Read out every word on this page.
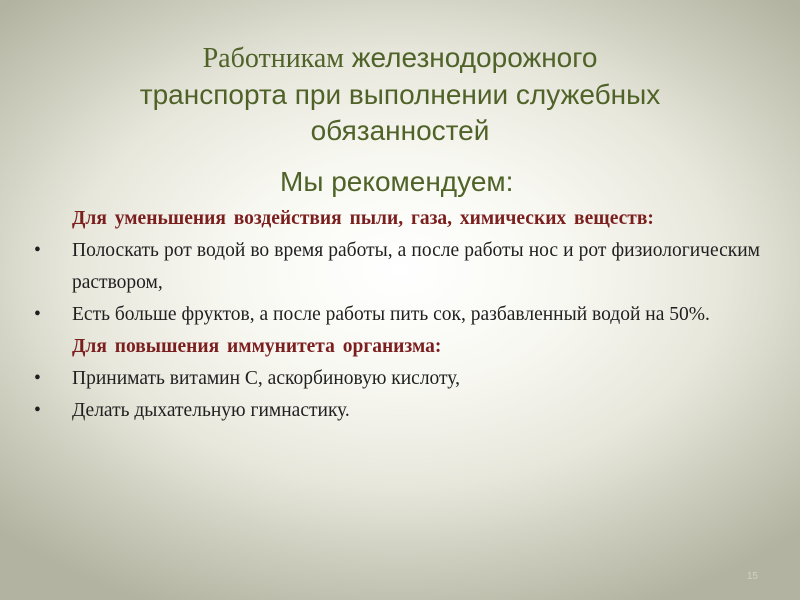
Работникам железнодорожного
транспорта при выполнении служебных
обязанностей
Мы рекомендуем:

Для уменьшения воздействия пыли, газа, химических веществ:

• Полоскать рот водой во время работы, а после работы нос и рот физиологическим раствором,
• Есть больше фруктов, а после работы пить сок, разбавленный водой на 50%.

Для повышения иммунитета организма:

• Принимать витамин С, аскорбиновую кислоту,
• Делать дыхательную гимнастику.
15
